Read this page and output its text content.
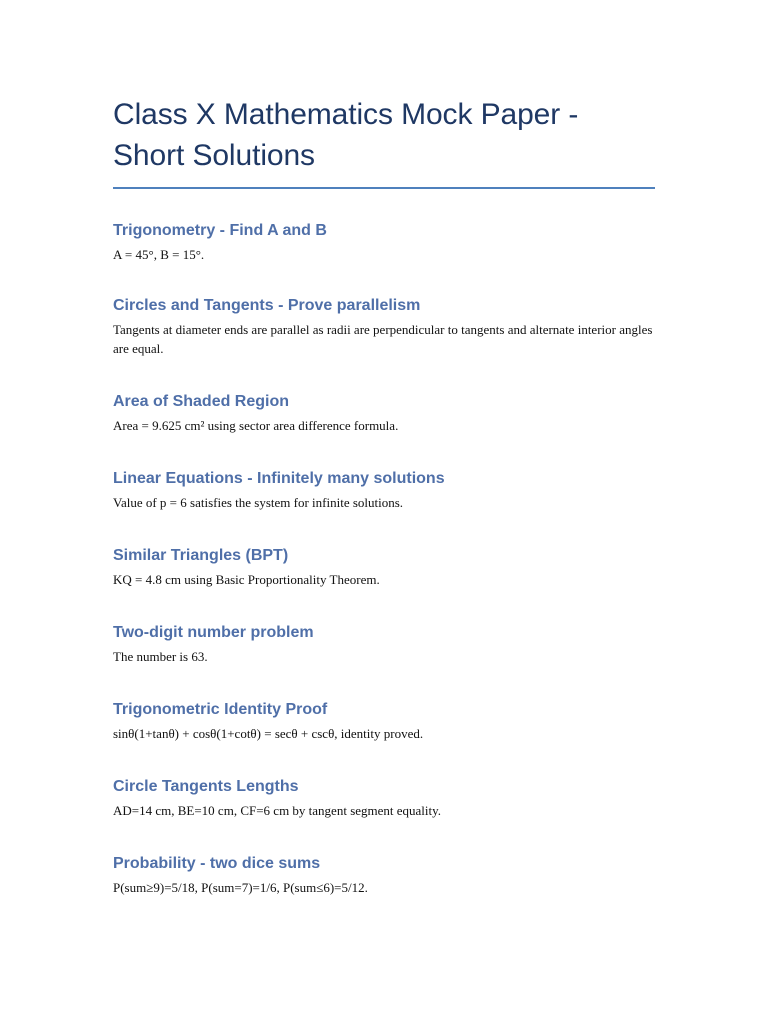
Class X Mathematics Mock Paper - Short Solutions
Trigonometry - Find A and B

A = 45°, B = 15°.

Circles and Tangents - Prove parallelism

Tangents at diameter ends are parallel as radii are perpendicular to tangents and alternate interior angles are equal.

Area of Shaded Region

Area = 9.625 cm² using sector area difference formula.

Linear Equations - Infinitely many solutions

Value of p = 6 satisfies the system for infinite solutions.

Similar Triangles (BPT)

KQ = 4.8 cm using Basic Proportionality Theorem.

Two-digit number problem

The number is 63.

Trigonometric Identity Proof

sinθ(1+tanθ) + cosθ(1+cotθ) = secθ + cscθ, identity proved.

Circle Tangents Lengths

AD=14 cm, BE=10 cm, CF=6 cm by tangent segment equality.

Probability - two dice sums

P(sum≥9)=5/18, P(sum=7)=1/6, P(sum≤6)=5/12.
